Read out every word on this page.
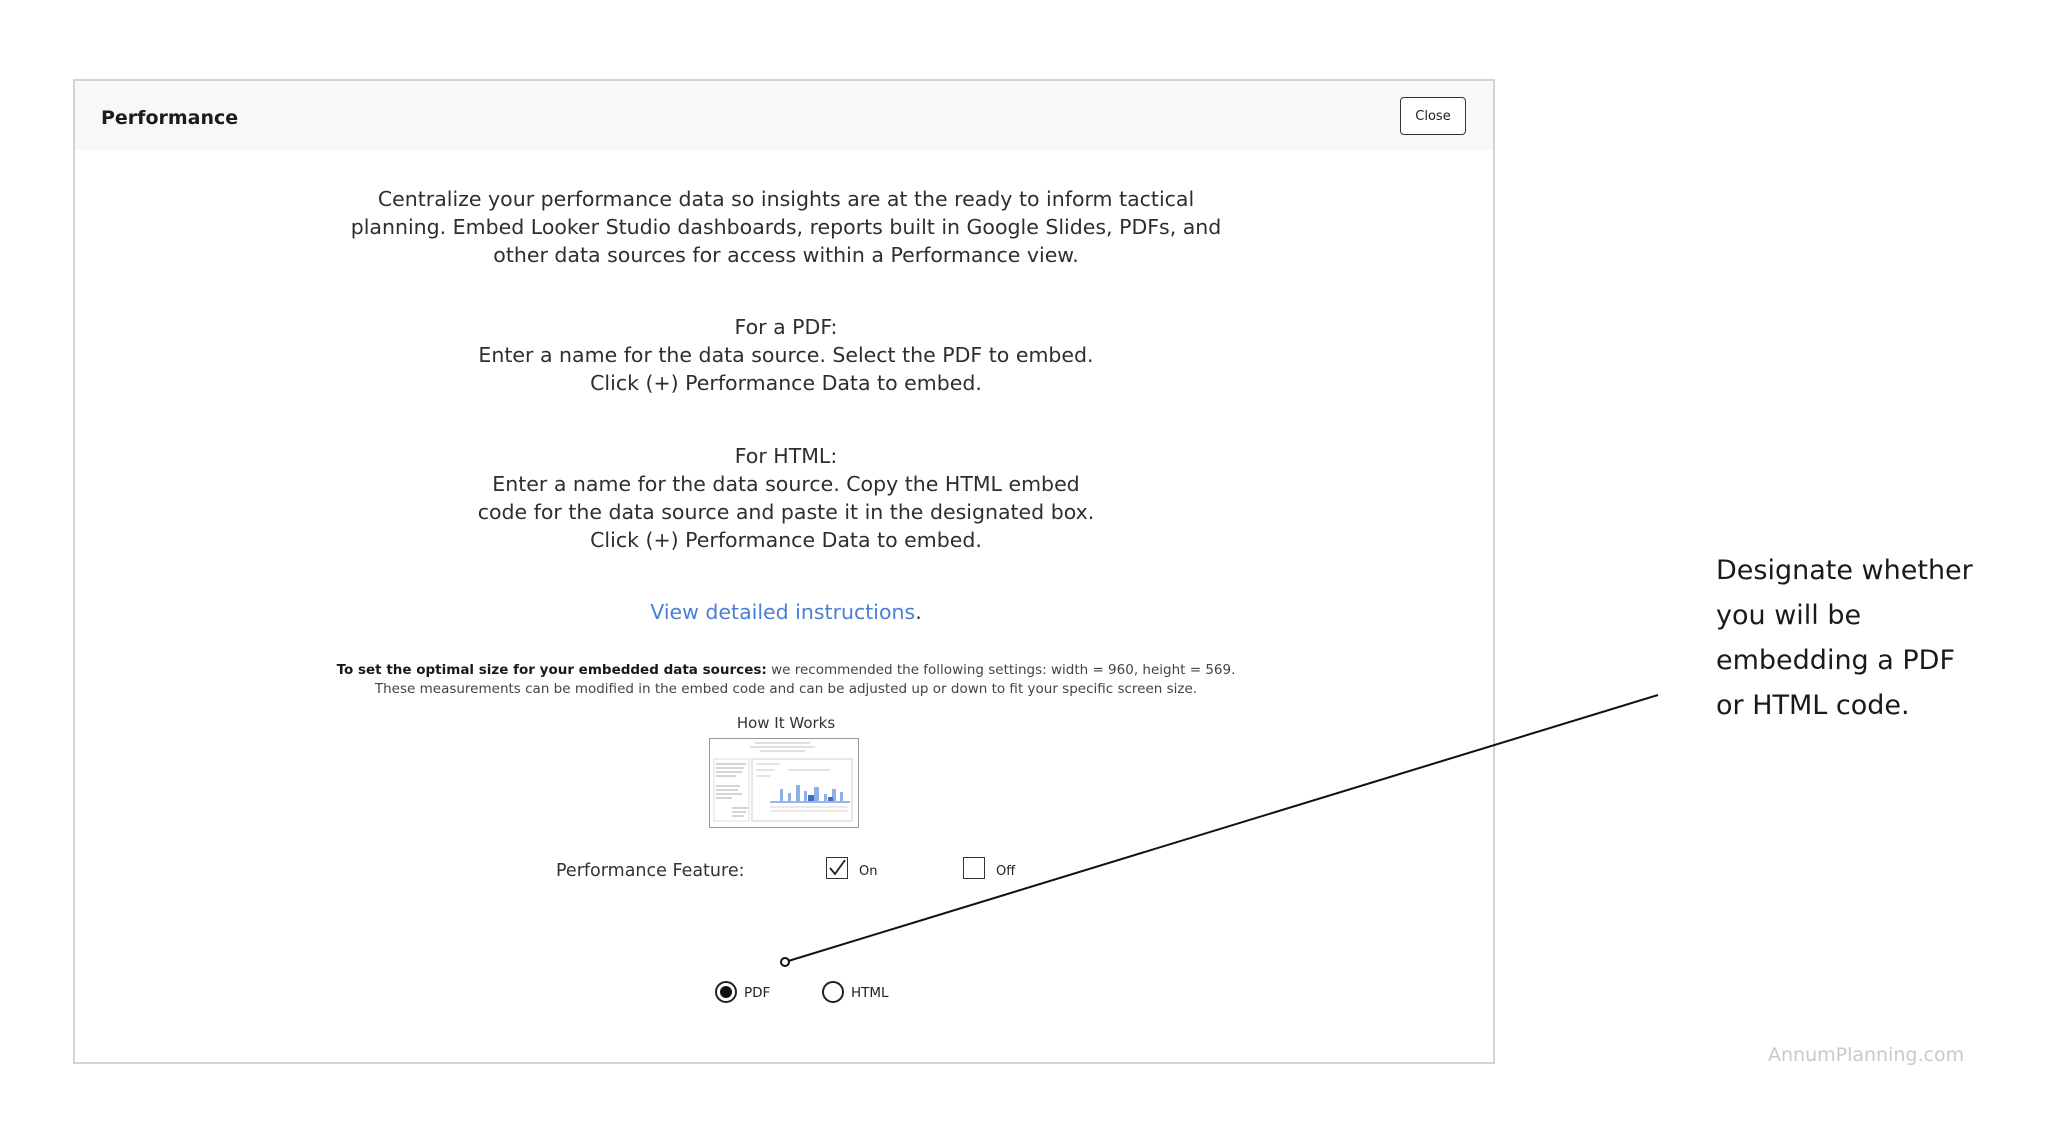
Performance	Close

Centralize your performance data so insights are at the ready to inform tactical

planning. Embed Looker Studio dashboards, reports built in Google Slides, PDFs, and

other data sources for access within a Performance view.

For a PDF:

Enter a name for the data source. Select the PDF to embed.

Click (+) Performance Data to embed.

For HTML:

Enter a name for the data source. Copy the HTML embed

code for the data source and paste it in the designated box.

Click (+) Performance Data to embed.

View detailed instructions.

To set the optimal size for your embedded data sources: we recommended the following settings: width = 960, height = 569.
These measurements can be modified in the embed code and can be adjusted up or down to fit your specific screen size.
How It Works
Performance Feature:	On	Off
PDF	HTML
Designate whether
you will be
embedding a PDF
or HTML code.
AnnumPlanning.com
